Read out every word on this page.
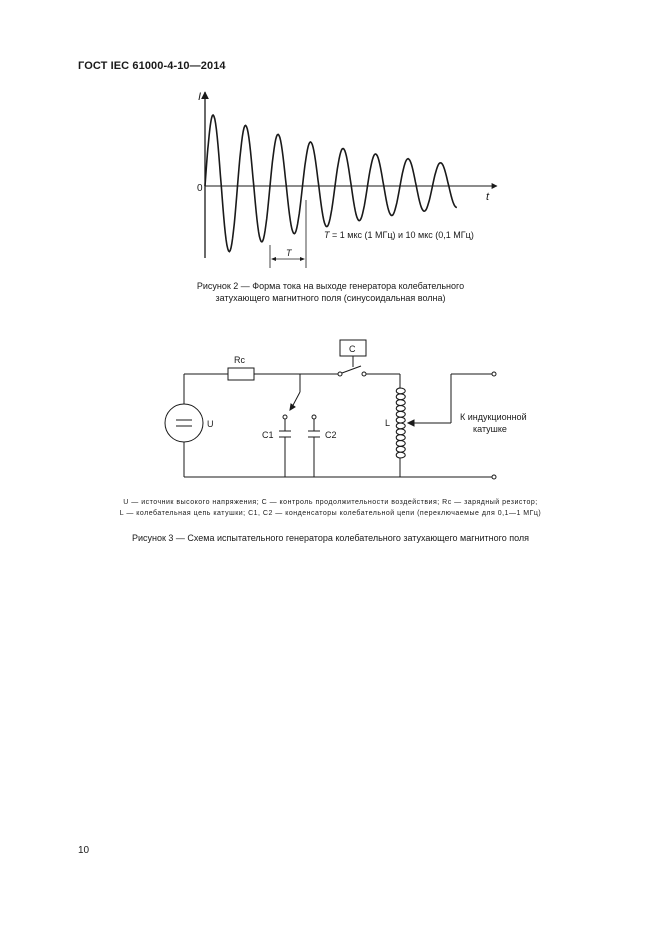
ГОСТ IEC 61000-4-10—2014
I
t
0
T
T = 1 мкс (1 МГц) и 10 мкс (0,1 МГц)
Рисунок 2 — Форма тока на выходе генератора колебательного
затухающего магнитного поля (синусоидальная волна)
Rc
U
C1	C2
C
L
К индукционной
катушке
U — источник высокого напряжения; C — контроль продолжительности воздействия; Rc — зарядный резистор;
L — колебательная цепь катушки; C1, C2 — конденсаторы колебательной цепи (переключаемые для 0,1—1 МГц)
Рисунок 3 — Схема испытательного генератора колебательного затухающего магнитного поля
10
